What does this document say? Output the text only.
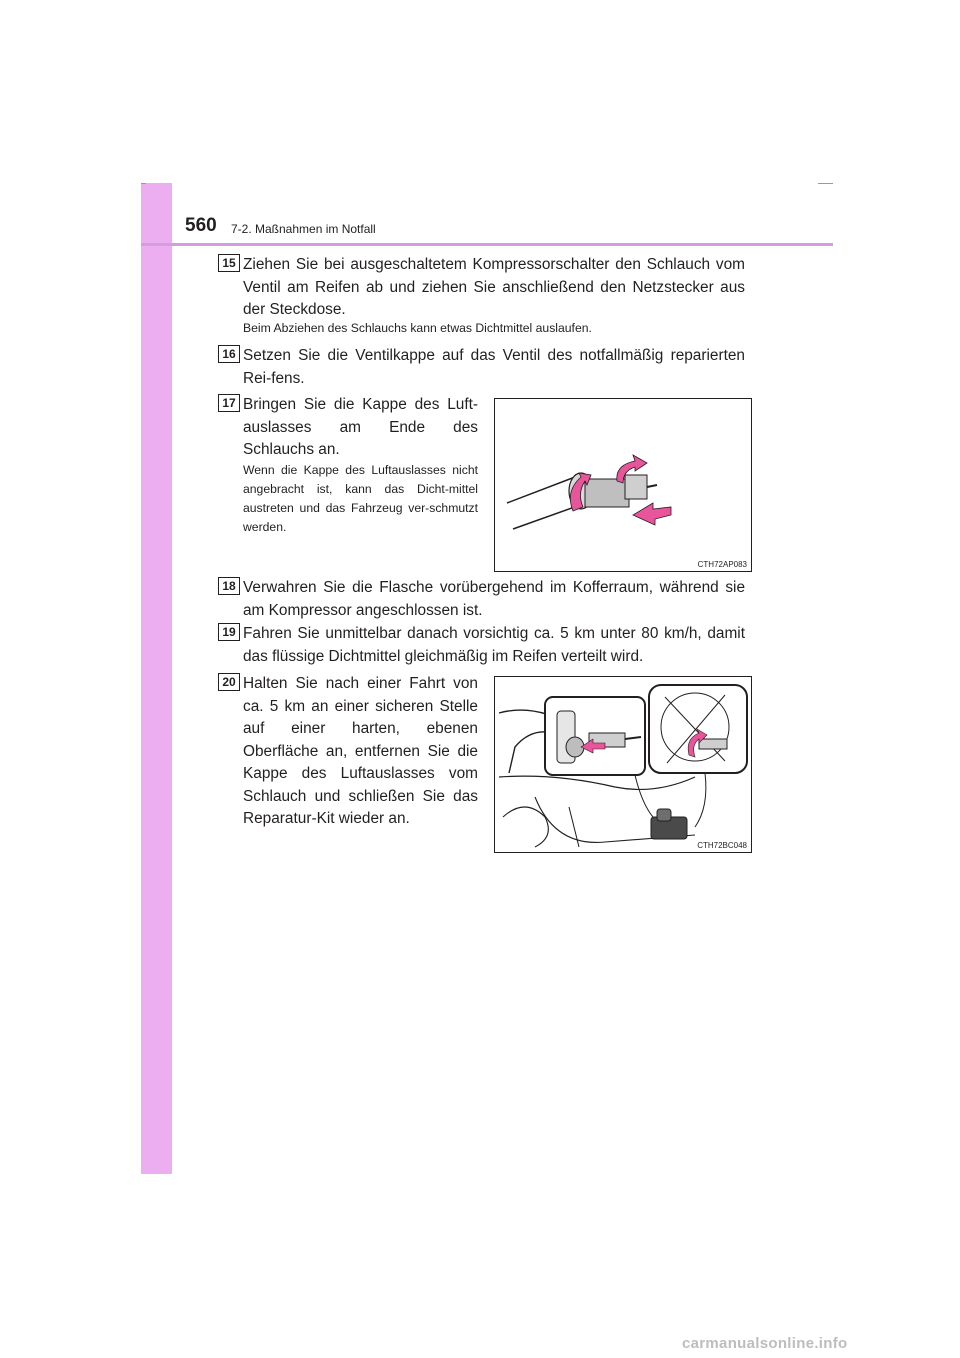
560 7-2. Maßnahmen im Notfall
15 Ziehen Sie bei ausgeschaltetem Kompressorschalter den Schlauch vom Ventil am Reifen ab und ziehen Sie anschließend den Netzstecker aus der Steckdose.
Beim Abziehen des Schlauchs kann etwas Dichtmittel auslaufen.
16 Setzen Sie die Ventilkappe auf das Ventil des notfallmäßig reparierten Rei-fens.
17 Bringen Sie die Kappe des Luft-auslasses am Ende des Schlauchs an.
Wenn die Kappe des Luftauslasses nicht angebracht ist, kann das Dicht-mittel austreten und das Fahrzeug ver-schmutzt werden.
CTH72AP083
18 Verwahren Sie die Flasche vorübergehend im Kofferraum, während sie am Kompressor angeschlossen ist.
19 Fahren Sie unmittelbar danach vorsichtig ca. 5 km unter 80 km/h, damit das flüssige Dichtmittel gleichmäßig im Reifen verteilt wird.
20 Halten Sie nach einer Fahrt von ca. 5 km an einer sicheren Stelle auf einer harten, ebenen Oberfläche an, entfernen Sie die Kappe des Luftauslasses vom Schlauch und schließen Sie das Reparatur-Kit wieder an.
CTH72BC048
carmanualsonline.info
